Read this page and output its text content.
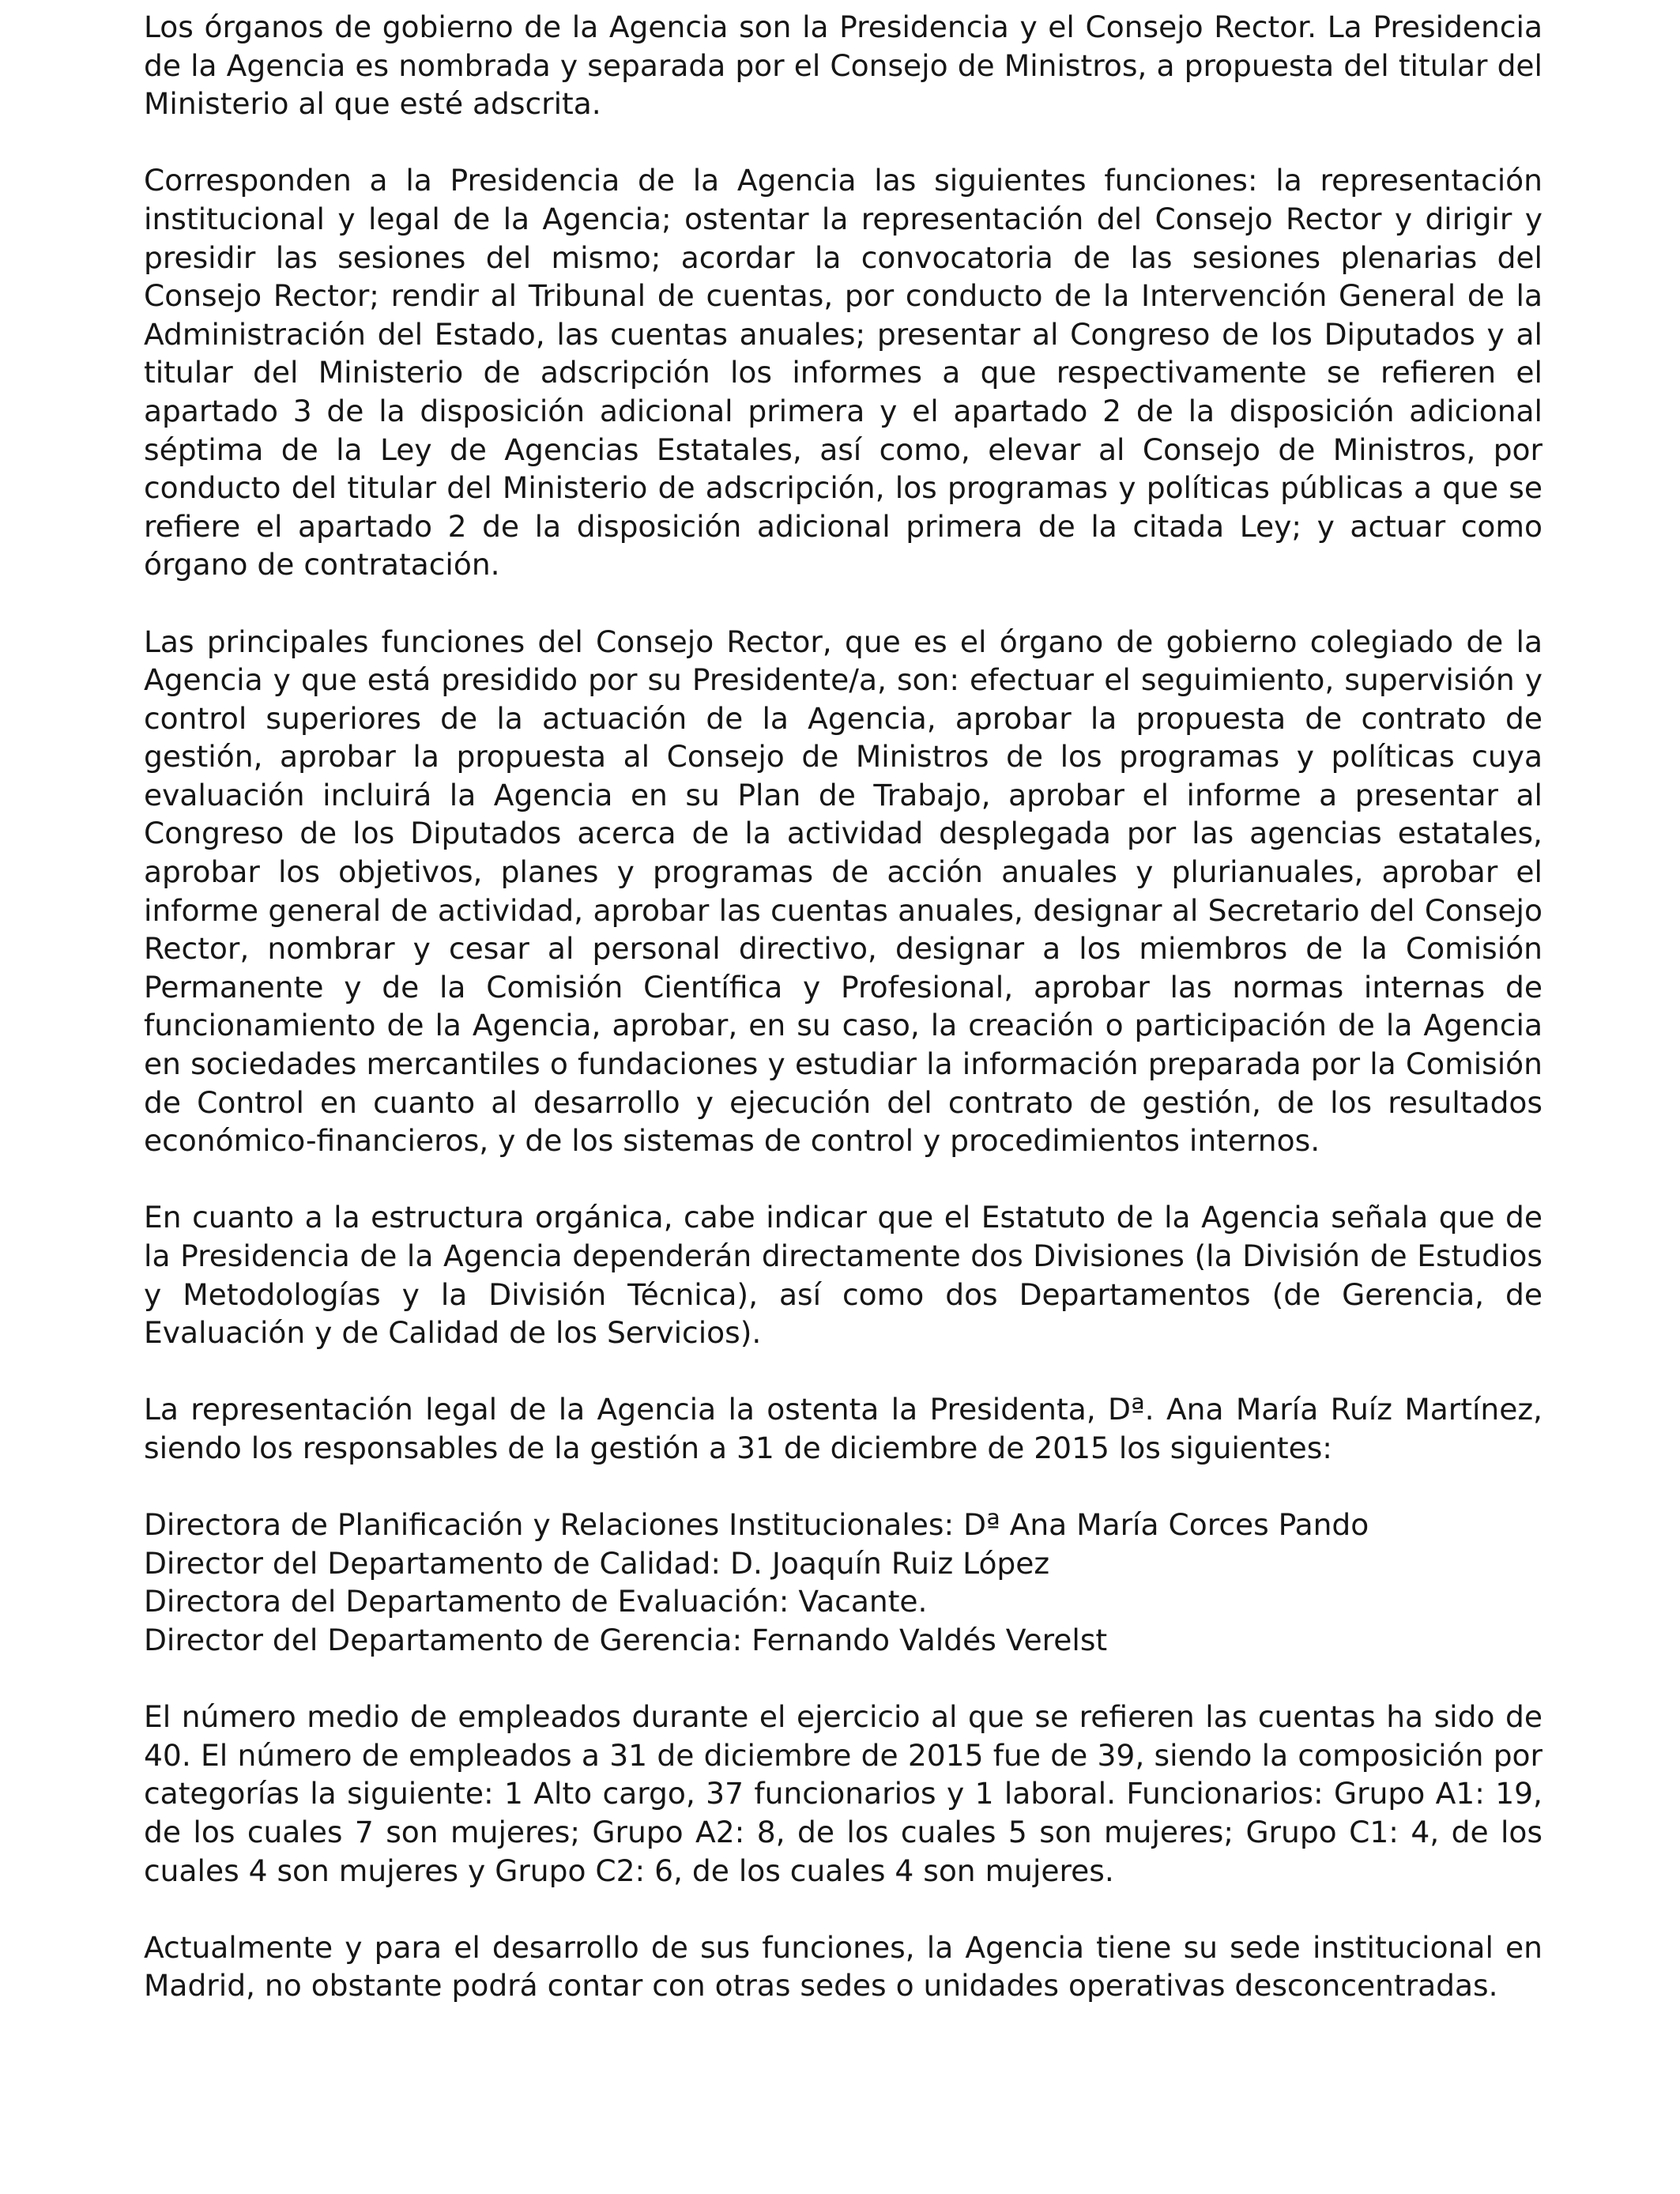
Los órganos de gobierno de la Agencia son la Presidencia y el Consejo Rector. La Presidencia de la Agencia es nombrada y separada por el Consejo de Ministros, a propuesta del titular del Ministerio al que esté adscrita.

Corresponden a la Presidencia de la Agencia las siguientes funciones: la representación institucional y legal de la Agencia; ostentar la representación del Consejo Rector y dirigir y presidir las sesiones del mismo; acordar la convocatoria de las sesiones plenarias del Consejo Rector; rendir al Tribunal de cuentas, por conducto de la Intervención General de la Administración del Estado, las cuentas anuales; presentar al Congreso de los Diputados y al titular del Ministerio de adscripción los informes a que respectivamente se refieren el apartado 3 de la disposición adicional primera y el apartado 2 de la disposición adicional séptima de la Ley de Agencias Estatales, así como, elevar al Consejo de Ministros, por conducto del titular del Ministerio de adscripción, los programas y políticas públicas a que se refiere el apartado 2 de la disposición adicional primera de la citada Ley; y actuar como órgano de contratación.

Las principales funciones del Consejo Rector, que es el órgano de gobierno colegiado de la Agencia y que está presidido por su Presidente/a, son: efectuar el seguimiento, supervisión y control superiores de la actuación de la Agencia, aprobar la propuesta de contrato de gestión, aprobar la propuesta al Consejo de Ministros de los programas y políticas cuya evaluación incluirá la Agencia en su Plan de Trabajo, aprobar el informe a presentar al Congreso de los Diputados acerca de la actividad desplegada por las agencias estatales, aprobar los objetivos, planes y programas de acción anuales y plurianuales, aprobar el informe general de actividad, aprobar las cuentas anuales, designar al Secretario del Consejo Rector, nombrar y cesar al personal directivo, designar a los miembros de la Comisión Permanente y de la Comisión Científica y Profesional, aprobar las normas internas de funcionamiento de la Agencia, aprobar, en su caso, la creación o participación de la Agencia en sociedades mercantiles o fundaciones y estudiar la información preparada por la Comisión de Control en cuanto al desarrollo y ejecución del contrato de gestión, de los resultados económico-financieros, y de los sistemas de control y procedimientos internos.

En cuanto a la estructura orgánica, cabe indicar que el Estatuto de la Agencia señala que de la Presidencia de la Agencia dependerán directamente dos Divisiones (la División de Estudios y Metodologías y la División Técnica), así como dos Departamentos (de Gerencia, de Evaluación y de Calidad de los Servicios).

La representación legal de la Agencia la ostenta la Presidenta, Dª. Ana María Ruíz Martínez, siendo los responsables de la gestión a 31 de diciembre de 2015 los siguientes:

Directora de Planificación y Relaciones Institucionales: Dª Ana María Corces Pando
Director del Departamento de Calidad: D. Joaquín Ruiz López
Directora del Departamento de Evaluación: Vacante.
Director del Departamento de Gerencia: Fernando Valdés Verelst

El número medio de empleados durante el ejercicio al que se refieren las cuentas ha sido de 40. El número de empleados a 31 de diciembre de 2015 fue de 39, siendo la composición por categorías la siguiente: 1 Alto cargo, 37 funcionarios y 1 laboral. Funcionarios: Grupo A1: 19, de los cuales 7 son mujeres; Grupo A2: 8, de los cuales 5 son mujeres; Grupo C1: 4, de los cuales 4 son mujeres y Grupo C2: 6, de los cuales 4 son mujeres.

Actualmente y para el desarrollo de sus funciones, la Agencia tiene su sede institucional en Madrid, no obstante podrá contar con otras sedes o unidades operativas desconcentradas.
